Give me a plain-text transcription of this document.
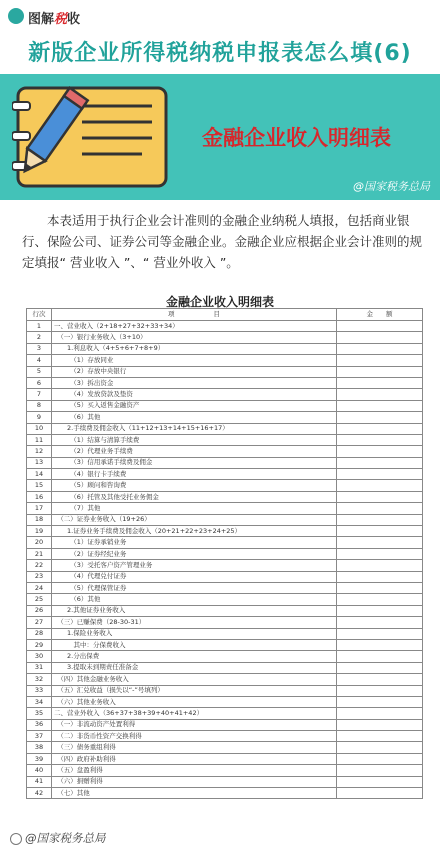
图解税收
新版企业所得税纳税申报表怎么填(6)
金融企业收入明细表
@国家税务总局
本表适用于执行企业会计准则的金融企业纳税人填报，包括商业银行、保险公司、证券公司等金融企业。金融企业应根据企业会计准则的规定填报“ 营业收入 ”、“ 营业外收入 ”。
金融企业收入明细表
行次	项　　　　　　目	金　　额
1	一、营业收入（2+18+27+32+33+34）	
2	　（一）银行业务收入（3+10）	
3	　　1.利息收入（4+5+6+7+8+9）	
4	　　　（1）存放同业	
5	　　　（2）存放中央银行	
6	　　　（3）拆出资金	
7	　　　（4）发放贷款及垫资	
8	　　　（5）买入返售金融资产	
9	　　　（6）其他	
10	　　2.手续费及佣金收入（11+12+13+14+15+16+17）	
11	　　　（1）结算与清算手续费	
12	　　　（2）代理业务手续费	
13	　　　（3）信用承诺手续费及佣金	
14	　　　（4）银行卡手续费	
15	　　　（5）顾问和咨询费	
16	　　　（6）托管及其他受托业务佣金	
17	　　　（7）其他	
18	　（二）证券业务收入（19+26）	
19	　　1.证券业务手续费及佣金收入（20+21+22+23+24+25）	
20	　　　（1）证券承销业务	
21	　　　（2）证券经纪业务	
22	　　　（3）受托客户资产管理业务	
23	　　　（4）代理兑付证券	
24	　　　（5）代理保管证券	
25	　　　（6）其他	
26	　　2.其他证券业务收入	
27	　（三）已赚保费（28-30-31）	
28	　　1.保险业务收入	
29	　　　其中：分保费收入	
30	　　2.分出保费	
31	　　3.提取未到期责任准备金	
32	　（四）其他金融业务收入	
33	　（五）汇兑收益（损失以“-”号填列）	
34	　（六）其他业务收入	
35	二、营业外收入（36+37+38+39+40+41+42）	
36	　（一）非流动资产处置利得	
37	　（二）非货币性资产交换利得	
38	　（三）债务重组利得	
39	　（四）政府补助利得	
40	　（五）盘盈利得	
41	　（六）捐赠利得	
42	　（七）其他	
@国家税务总局
